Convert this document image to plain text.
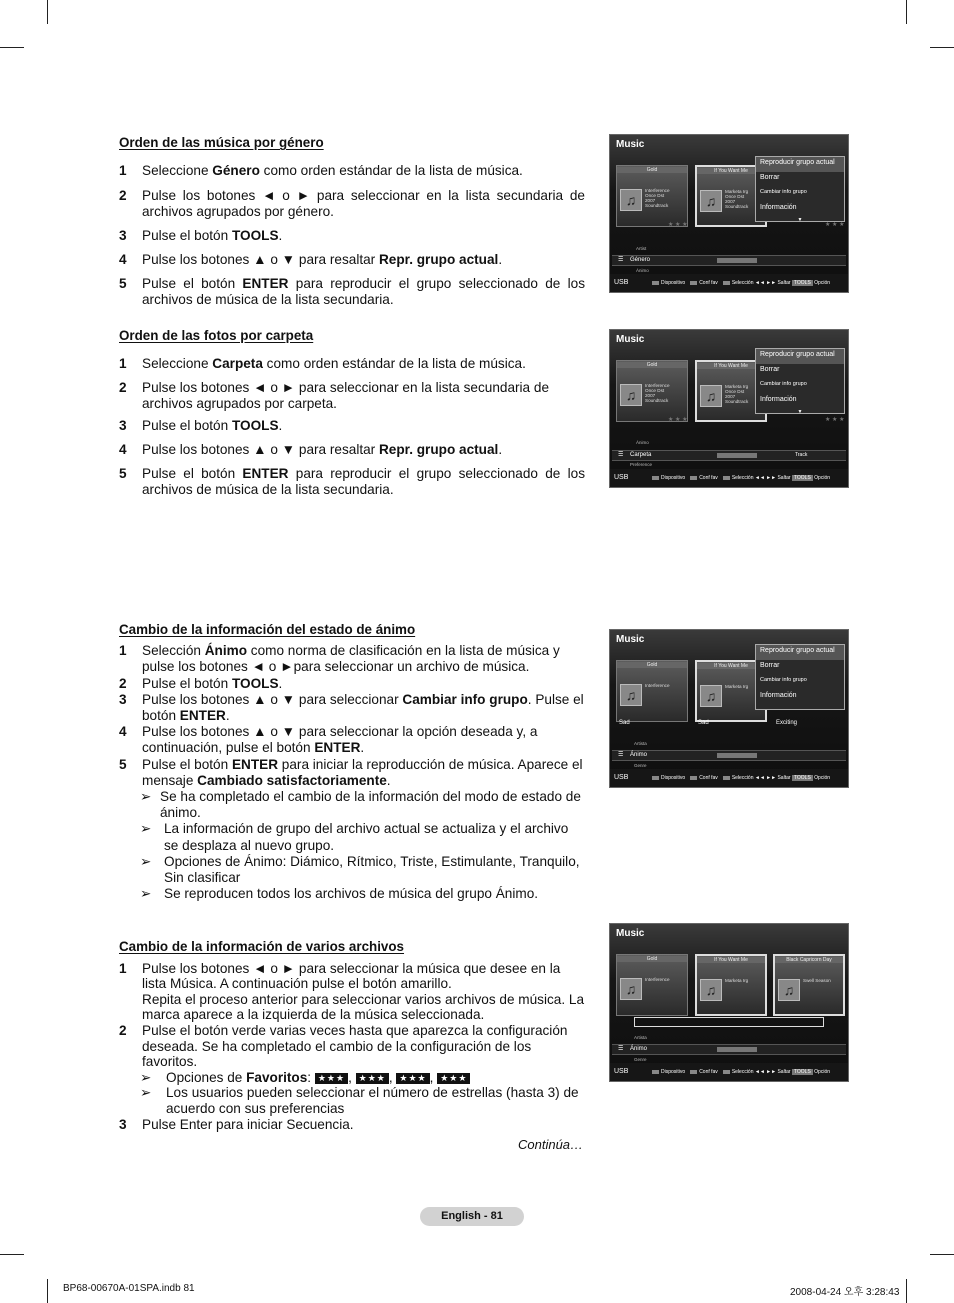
Orden de las música por género
1 Seleccione Género como orden estándar de la lista de música.
2 Pulse los botones ◄ o ► para seleccionar en la lista secundaria de archivos agrupados por género.
3 Pulse el botón TOOLS.
4 Pulse los botones ▲ o ▼ para resaltar Repr. grupo actual.
5 Pulse el botón ENTER para reproducir el grupo seleccionado de los archivos de música de la lista secundaria.
Orden de las fotos por carpeta
1 Seleccione Carpeta como orden estándar de la lista de música.
2 Pulse los botones ◄ o ► para seleccionar en la lista secundaria de archivos agrupados por carpeta.
3 Pulse el botón TOOLS.
4 Pulse los botones ▲ o ▼ para resaltar Repr. grupo actual.
5 Pulse el botón ENTER para reproducir el grupo seleccionado de los archivos de música de la lista secundaria.
Cambio de la información del estado de ánimo
1 Selección Ánimo como norma de clasificación en la lista de música y pulse los botones ◄ o ►para seleccionar un archivo de música.
2 Pulse el botón TOOLS.
3 Pulse los botones ▲ o ▼ para seleccionar Cambiar info grupo. Pulse el botón ENTER.
4 Pulse los botones ▲ o ▼ para seleccionar la opción deseada y, a continuación, pulse el botón ENTER.
5 Pulse el botón ENTER para iniciar la reproducción de música. Aparece el mensaje Cambiado satisfactoriamente.
➢ Se ha completado el cambio de la información del modo de estado de ánimo.
➢ La información de grupo del archivo actual se actualiza y el archivo se desplaza al nuevo grupo.
➢ Opciones de Ánimo: Diámico, Rítmico, Triste, Estimulante, Tranquilo, Sin clasificar
➢ Se reproducen todos los archivos de música del grupo Ánimo.
Cambio de la información de varios archivos
1 Pulse los botones ◄ o ► para seleccionar la música que desee en la lista Música. A continuación pulse el botón amarillo.
Repita el proceso anterior para seleccionar varios archivos de música. La marca aparece a la izquierda de la música seleccionada.
2 Pulse el botón verde varias veces hasta que aparezca la configuración deseada. Se ha completado el cambio de la configuración de los favoritos.
➢ Opciones de Favoritos: ★★★ , ★★★ , ★★★ , ★★★
➢ Los usuarios pueden seleccionar el número de estrellas (hasta 3) de acuerdo con sus preferencias
3 Pulse Enter para iniciar Secuencia.
Music
Gold
♫
Interference
Once Dst
2007
Soundtrack
If You Want Me
♫
Marketa Irg
Once Dst
2007
Soundtrack
Reproducir grupo actual
Borrar
Cambiar info grupo
Información
▼
★ ★ ★	★ ★ ★
Artist
☰ Género
Ánimo
USB	Dispositivo	Conf fav	Selección ◄◄ ►► Saltar TOOLS Opción
Music
Gold
♫
Interference
Once Dst
2007
Soundtrack
If You Want Me
♫
Marketa Irg
Once Dst
2007
Soundtrack
Reproducir grupo actual
Borrar
Cambiar info grupo
Información
▼
★ ★ ★	★ ★ ★
Ánimo
☰ Carpeta	Track
Preference
USB	Dispositivo	Conf fav	Selección ◄◄ ►► Saltar TOOLS Opción
Music
Gold
♫
Interference
If You Want Me
♫
Marketa Irg
Reproducir grupo actual
Borrar
Cambiar info grupo
Información
Sad	Sad	Exciting
Artista
☰ Ánimo
Genre
USB	Dispositivo	Conf fav	Selección ◄◄ ►► Saltar TOOLS Opción
Music
Gold
♫
Interference
If You Want Me
♫
Marketa Irg
Black Capricorn Day
♫
Swell Season
Artista
☰ Ánimo
Genre
USB	Dispositivo	Conf fav	Selección ◄◄ ►► Saltar TOOLS Opción
Continúa…
English - 81
BP68-00670A-01SPA.indb 81	2008-04-24 오후 3:28:43
